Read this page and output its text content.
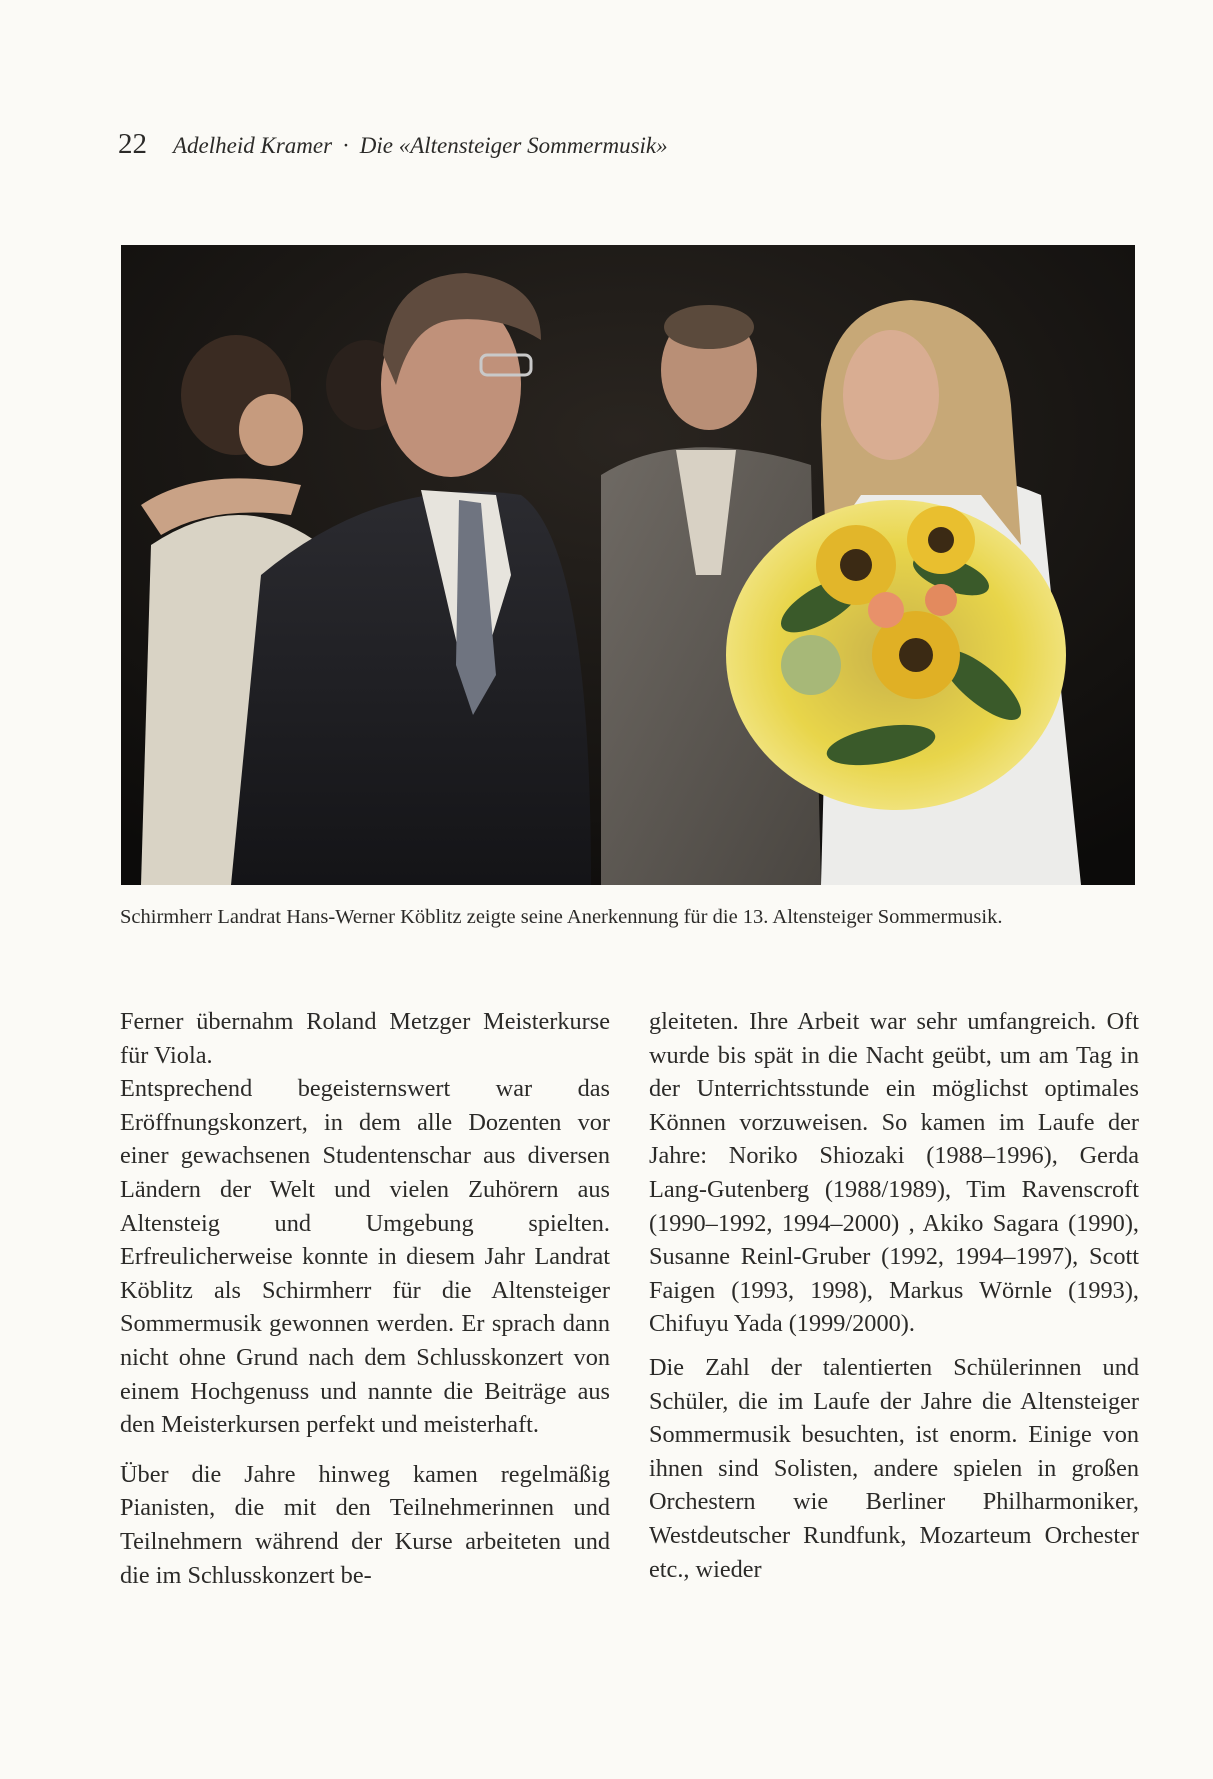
22 Adelheid Kramer · Die «Altensteiger Sommermusik»
Schirmherr Landrat Hans-Werner Köblitz zeigte seine Anerkennung für die 13. Altensteiger Sommermusik.

Ferner übernahm Roland Metzger Meisterkurse für Viola.

Entsprechend begeisternswert war das Eröffnungskonzert, in dem alle Dozenten vor einer gewachsenen Studentenschar aus diversen Ländern der Welt und vielen Zuhörern aus Altensteig und Umgebung spielten. Erfreulicherweise konnte in diesem Jahr Landrat Köblitz als Schirmherr für die Altensteiger Sommermusik gewonnen werden. Er sprach dann nicht ohne Grund nach dem Schlusskonzert von einem Hochgenuss und nannte die Beiträge aus den Meisterkursen perfekt und meisterhaft.

Über die Jahre hinweg kamen regelmäßig Pianisten, die mit den Teilnehmerinnen und Teilnehmern während der Kurse arbeiteten und die im Schlusskonzert be-

gleiteten. Ihre Arbeit war sehr umfangreich. Oft wurde bis spät in die Nacht geübt, um am Tag in der Unterrichtsstunde ein möglichst optimales Können vorzuweisen. So kamen im Laufe der Jahre: Noriko Shiozaki (1988–1996), Gerda Lang-Gutenberg (1988/1989), Tim Ravenscroft (1990–1992, 1994–2000) , Akiko Sagara (1990), Susanne Reinl-Gruber (1992, 1994–1997), Scott Faigen (1993, 1998), Markus Wörnle (1993), Chifuyu Yada (1999/2000).

Die Zahl der talentierten Schülerinnen und Schüler, die im Laufe der Jahre die Altensteiger Sommermusik besuchten, ist enorm. Einige von ihnen sind Solisten, andere spielen in großen Orchestern wie Berliner Philharmoniker, Westdeutscher Rundfunk, Mozarteum Orchester etc., wieder
